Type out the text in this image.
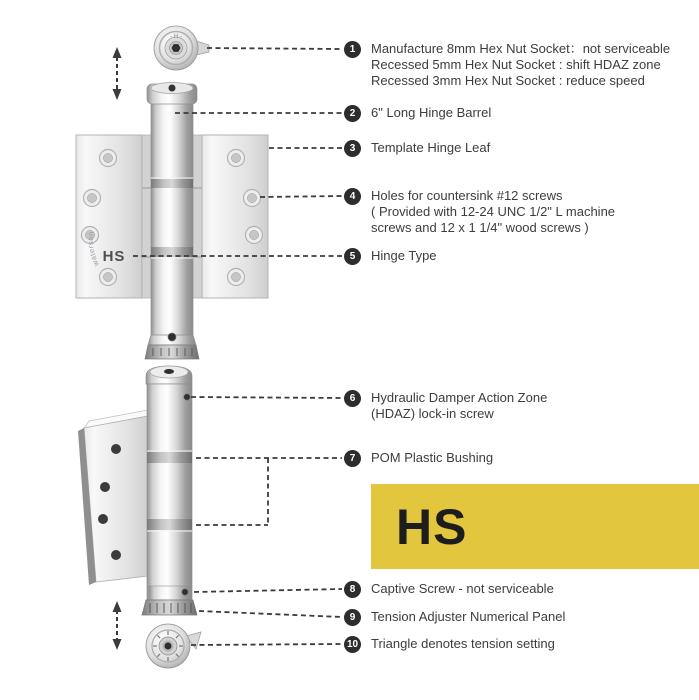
- H -
waterson
HS
1	Manufacture 8mm Hex Nut Socket：not serviceable
Recessed 5mm Hex Nut Socket : shift HDAZ zone
Recessed 3mm Hex Nut Socket : reduce speed
2	6" Long Hinge Barrel
3	Template Hinge Leaf
4	Holes for countersink #12 screws
( Provided with 12-24 UNC 1/2" L machine
screws and 12 x 1 1/4" wood screws )
5	Hinge Type
6	Hydraulic Damper Action Zone
(HDAZ) lock-in screw
7	POM Plastic Bushing
HS
8	Captive Screw - not serviceable
9	Tension Adjuster Numerical Panel
10 Triangle denotes tension setting
